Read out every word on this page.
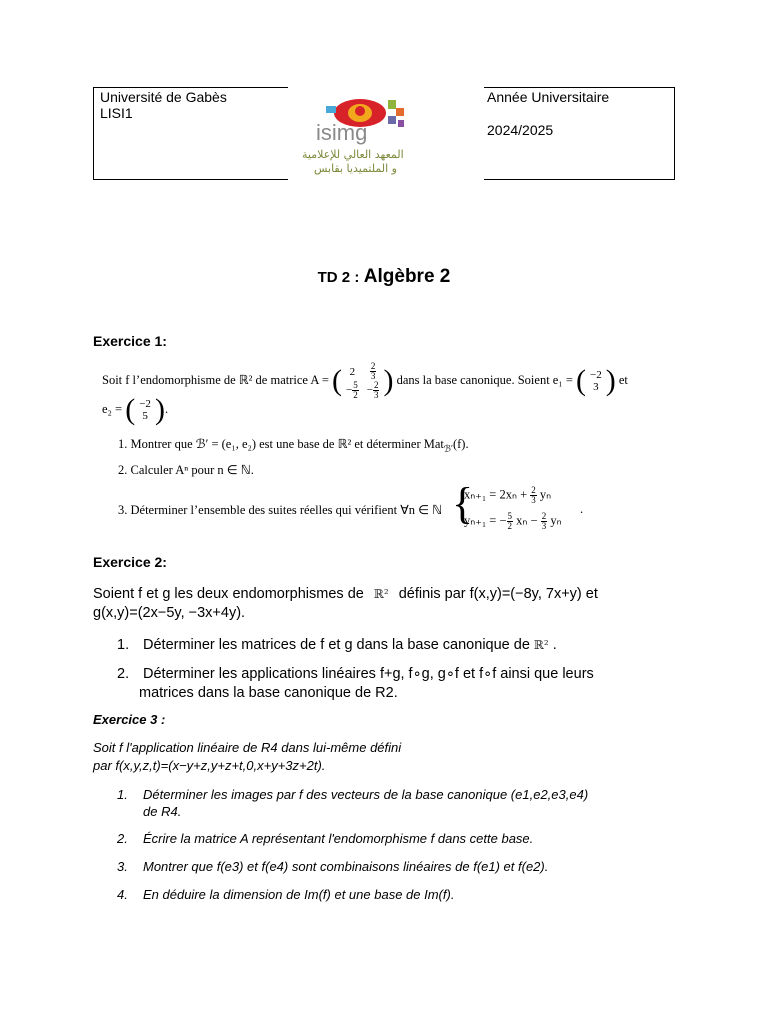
Université de Gabès
LISI1
Année Universitaire
2024/2025
isimg
المعهد العالي للإعلامية
و الملتميديا بقابس
TD 2 : Algèbre 2
Exercice 1:
Soit f l’endomorphisme de ℝ² de matrice A = ( 2	$\frac{2}{3}$

− $\frac{5}{2}$	− $\frac{2}{3}$ ) dans la base canonique. Soient e₁ = ( −2
3 ) et
e₂ = ( −2
5 ).
1. Montrer que ℬ′ = (e₁, e₂) est une base de ℝ² et déterminer Mat$_{ℬ'}$(f).
2. Calculer Aⁿ pour n ∈ ℕ.
3. Déterminer l’ensemble des suites réelles qui vérifient ∀n ∈ ℕ {
$x_{n+1} = 2x_n + \frac{2}{3}$ yₙ
yₙ₊₁ = − $\frac{5}{2}$ $x_n - \frac{2}{3}$ yₙ
.
Exercice 2:
Soient f et g les deux endomorphismes de ℝ² définis par f(x,y)=(−8y, 7x+y) et
g(x,y)=(2x−5y, −3x+4y).
1. Déterminer les matrices de f et g dans la base canonique de ℝ² .
2. Déterminer les applications linéaires f+g, f∘g, g∘f et f∘f ainsi que leurs
matrices dans la base canonique de R2.
Exercice 3 :
Soit f l'application linéaire de R4 dans lui-même défini
par f(x,y,z,t)=(x−y+z,y+z+t,0,x+y+3z+2t).
1. Déterminer les images par f des vecteurs de la base canonique (e1,e2,e3,e4)
de R4.
2. Écrire la matrice A représentant l'endomorphisme f dans cette base.
3. Montrer que f(e3) et f(e4) sont combinaisons linéaires de f(e1) et f(e2).
4. En déduire la dimension de Im(f) et une base de Im(f).
